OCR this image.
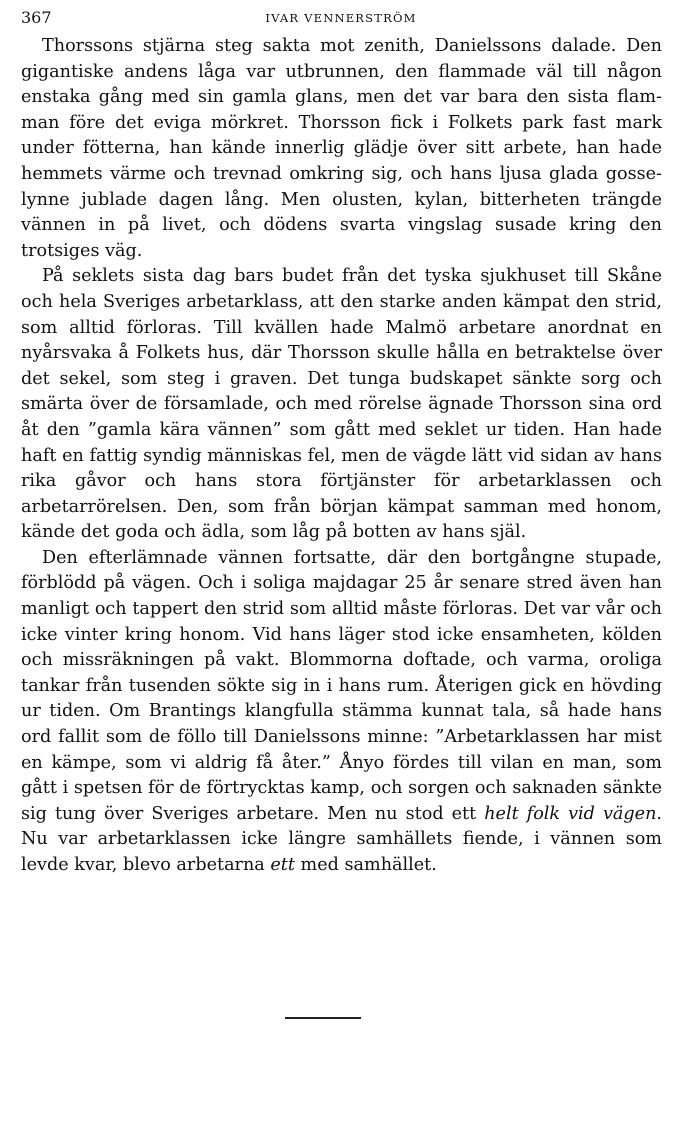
367	IVAR VENNERSTRÖM

Thorssons stjärna steg sakta mot zenith, Danielssons dalade. Den gigantiske andens låga var utbrunnen, den flammade väl till någon enstaka gång med sin gamla glans, men det var bara den sista flamman före det eviga mörkret. Thorsson fick i Folkets park fast mark under fötterna, han kände innerlig glädje över sitt arbete, han hade hemmets värme och trevnad omkring sig, och hans ljusa glada gosselynne jublade dagen lång. Men olusten, kylan, bitterheten trängde vännen in på livet, och dödens svarta vingslag susade kring den trotsiges väg.

På seklets sista dag bars budet från det tyska sjukhuset till Skåne och hela Sveriges arbetarklass, att den starke anden kämpat den strid, som alltid förloras. Till kvällen hade Malmö arbetare anordnat en nyårsvaka å Folkets hus, där Thorsson skulle hålla en betraktelse över det sekel, som steg i graven. Det tunga budskapet sänkte sorg och smärta över de församlade, och med rörelse ägnade Thorsson sina ord åt den ”gamla kära vännen” som gått med seklet ur tiden. Han hade haft en fattig syndig människas fel, men de vägde lätt vid sidan av hans rika gåvor och hans stora förtjänster för arbetarklassen och arbetarrörelsen. Den, som från början kämpat samman med honom, kände det goda och ädla, som låg på botten av hans själ.

Den efterlämnade vännen fortsatte, där den bortgångne stupade, förblödd på vägen. Och i soliga majdagar 25 år senare stred även han manligt och tappert den strid som alltid måste förloras. Det var vår och icke vinter kring honom. Vid hans läger stod icke ensamheten, kölden och missräkningen på vakt. Blommorna doftade, och varma, oroliga tankar från tusenden sökte sig in i hans rum. Återigen gick en hövding ur tiden. Om Brantings klangfulla stämma kunnat tala, så hade hans ord fallit som de föllo till Danielssons minne: ”Arbetarklassen har mist en kämpe, som vi aldrig få åter.” Ånyo fördes till vilan en man, som gått i spetsen för de förtrycktas kamp, och sorgen och saknaden sänkte sig tung över Sveriges arbetare. Men nu stod ett helt folk vid vägen. Nu var arbetarklassen icke längre samhällets fiende, i vännen som levde kvar, blevo arbetarna ett med samhället.
